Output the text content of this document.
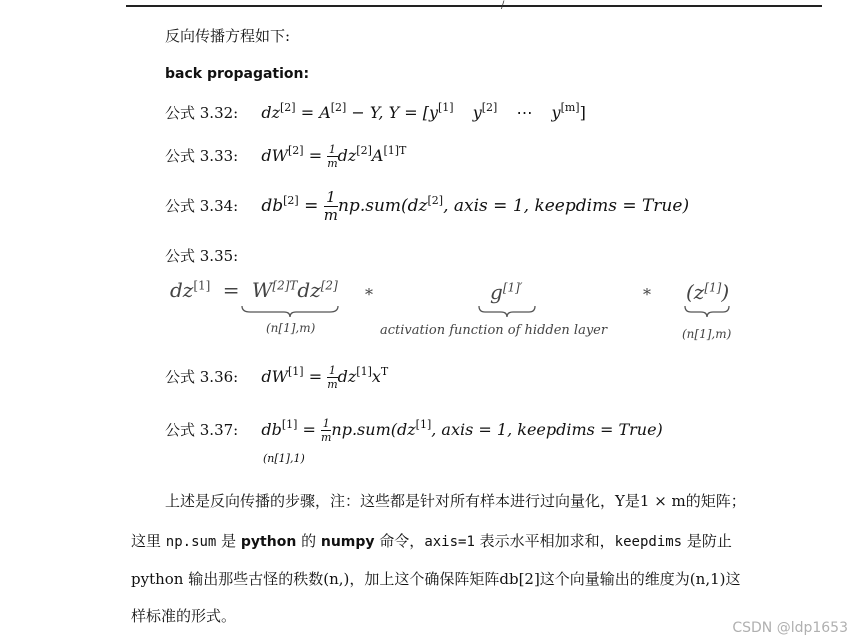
/
反向传播方程如下:
back propagation:
公式 3.32: dz[2] = A[2] − Y, Y = [y[1] y[2] ⋯ y[m]]
公式 3.33: $dW[2] = \frac{1}{m} dz[2]A^{[1]T}$
公式 3.34: $db[2] = \frac{1}{m} np.sum(dz[2]$, axis = 1, keepdims = True)
公式 3.35:
$dz[1] = W^{[2]T}dz[2]$ *	$g^{[1]'}$	* (z[1])
(n[1],m)	activation function of hidden layer	(n[1],m)
公式 3.36: $dW[1] = \frac{1}{m} dz[1]x^T$
公式 3.37: $db[1] = \frac{1}{m} np.sum(dz[1]$, axis = 1, keepdims = True)
(n[1],1)
上述是反向传播的步骤，注：这些都是针对所有样本进行过向量化，Y是1 × m的矩阵；
这里 np.sum 是 python 的 numpy 命令，axis=1 表示水平相加求和，keepdims 是防止
python 输出那些古怪的秩数(n,)，加上这个确保阵矩阵db[2]这个向量输出的维度为(n,1)这
样标准的形式。
CSDN @ldp1653
